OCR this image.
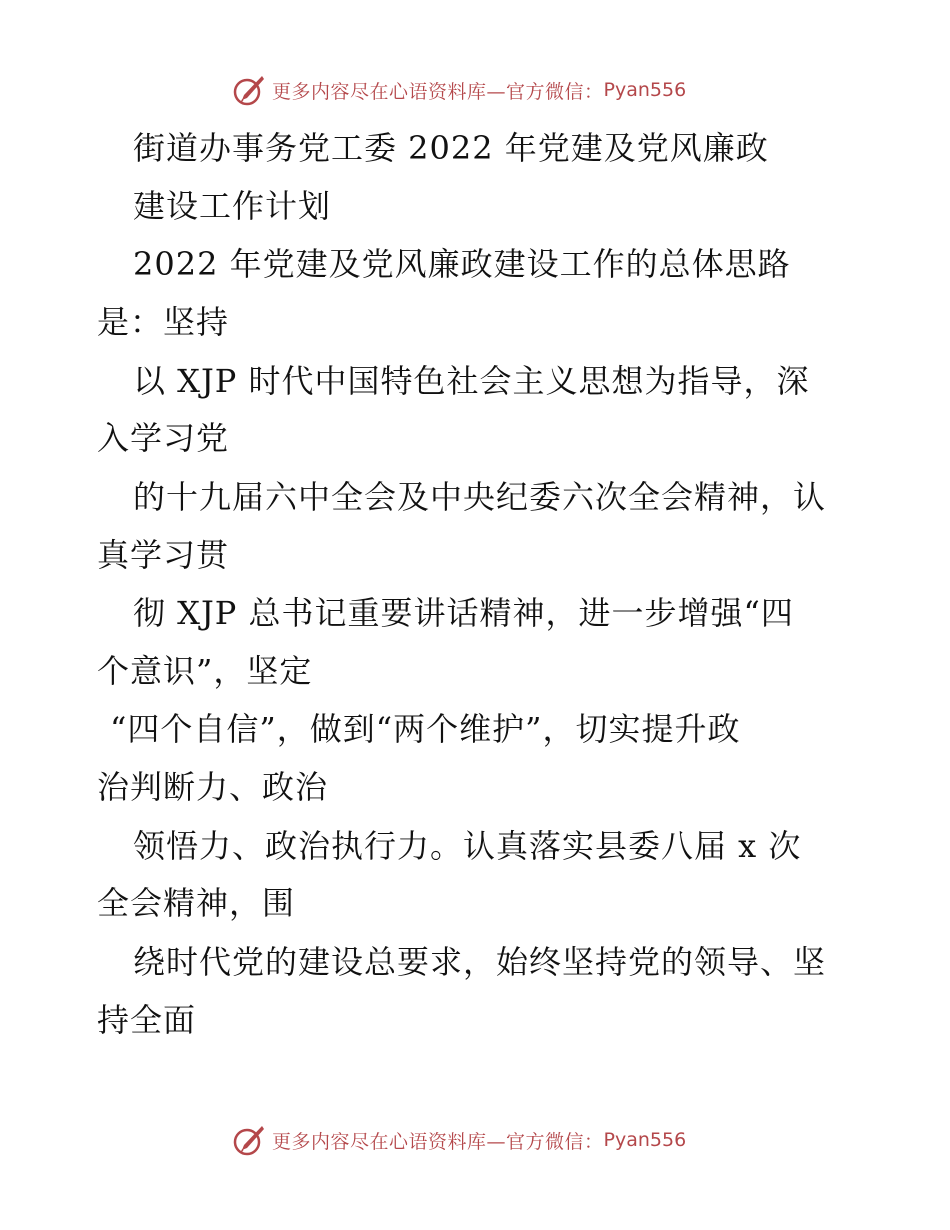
更多内容尽在心语资料库—官方微信： Pyan556

街道办事务党工委 2022 年党建及党风廉政

建设工作计划

2022 年党建及党风廉政建设工作的总体思路

是：坚持

以 XJP 时代中国特色社会主义思想为指导，深

入学习党

的十九届六中全会及中央纪委六次全会精神，认

真学习贯

彻 XJP 总书记重要讲话精神，进一步增强“四

个意识”，坚定

“四个自信”，做到“两个维护”，切实提升政

治判断力、政治

领悟力、政治执行力。认真落实县委八届 x 次

全会精神，围

绕时代党的建设总要求，始终坚持党的领导、坚

持全面

更多内容尽在心语资料库—官方微信： Pyan556
